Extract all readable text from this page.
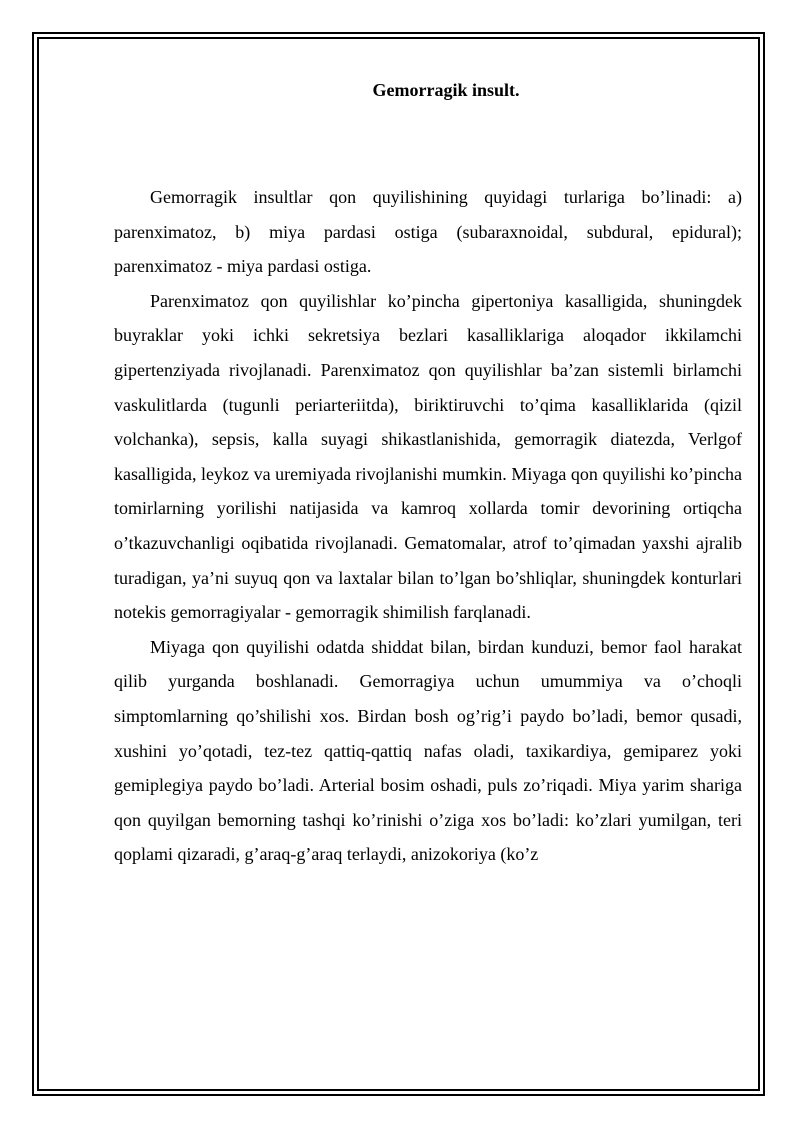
Gemorragik insult.

Gemorragik insultlar qon quyilishining quyidagi turlariga bo’linadi: a) parenximatoz, b) miya pardasi ostiga (subaraxnoidal, subdural, epidural); parenximatoz - miya pardasi ostiga.

Parenximatoz qon quyilishlar ko’pincha gipertoniya kasalligida, shuningdek buyraklar yoki ichki sekretsiya bezlari kasalliklariga aloqador ikkilamchi gipertenziyada rivojlanadi. Parenximatoz qon quyilishlar ba’zan sistemli birlamchi vaskulitlarda (tugunli periarteriitda), biriktiruvchi to’qima kasalliklarida (qizil volchanka), sepsis, kalla suyagi shikastlanishida, gemorragik diatezda, Verlgof kasalligida, leykoz va uremiyada rivojlanishi mumkin. Miyaga qon quyilishi ko’pincha tomirlarning yorilishi natijasida va kamroq xollarda tomir devorining ortiqcha o’tkazuvchanligi oqibatida rivojlanadi. Gematomalar, atrof to’qimadan yaxshi ajralib turadigan, ya’ni suyuq qon va laxtalar bilan to’lgan bo’shliqlar, shuningdek konturlari notekis gemorragiyalar - gemorragik shimilish farqlanadi.

Miyaga qon quyilishi odatda shiddat bilan, birdan kunduzi, bemor faol harakat qilib yurganda boshlanadi. Gemorragiya uchun umummiya va o’choqli simptomlarning qo’shilishi xos. Birdan bosh og’rig’i paydo bo’ladi, bemor qusadi, xushini yo’qotadi, tez-tez qattiq-qattiq nafas oladi, taxikardiya, gemiparez yoki gemiplegiya paydo bo’ladi. Arterial bosim oshadi, puls zo’riqadi. Miya yarim shariga qon quyilgan bemorning tashqi ko’rinishi o’ziga xos bo’ladi: ko’zlari yumilgan, teri qoplami qizaradi, g’araq-g’araq terlaydi, anizokoriya (ko’z
